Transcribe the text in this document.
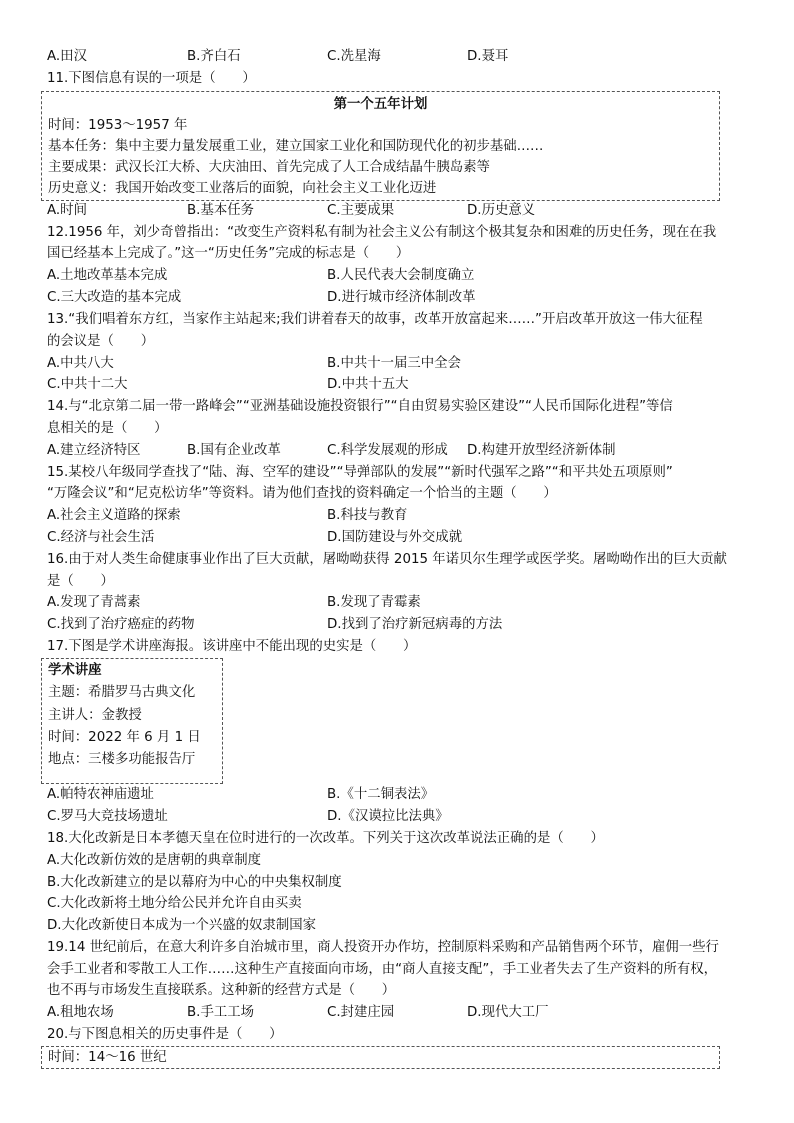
A.田汉	B.齐白石	C.冼星海	D.聂耳
11.下图信息有误的一项是（　　）
第一个五年计划
时间：1953～1957 年
基本任务：集中主要力量发展重工业，建立国家工业化和国防现代化的初步基础……
主要成果：武汉长江大桥、大庆油田、首先完成了人工合成结晶牛胰岛素等
历史意义：我国开始改变工业落后的面貌，向社会主义工业化迈进
A.时间	B.基本任务	C.主要成果	D.历史意义
12.1956 年，刘少奇曾指出：“改变生产资料私有制为社会主义公有制这个极其复杂和困难的历史任务，现在在我
国已经基本上完成了。”这一“历史任务”完成的标志是（　　）
A.土地改革基本完成	B.人民代表大会制度确立
C.三大改造的基本完成	D.进行城市经济体制改革
13.“我们唱着东方红，当家作主站起来;我们讲着春天的故事，改革开放富起来……”开启改革开放这一伟大征程
的会议是（　　）
A.中共八大	B.中共十一届三中全会
C.中共十二大	D.中共十五大
14.与“北京第二届一带一路峰会”“亚洲基础设施投资银行”“自由贸易实验区建设”“人民币国际化进程”等信
息相关的是（　　）
A.建立经济特区	B.国有企业改革	C.科学发展观的形成 D.构建开放型经济新体制
15.某校八年级同学查找了“陆、海、空军的建设”“导弹部队的发展”“新时代强军之路”“和平共处五项原则”
“万隆会议”和“尼克松访华”等资料。请为他们查找的资料确定一个恰当的主题（　　）
A.社会主义道路的探索	B.科技与教育
C.经济与社会生活	D.国防建设与外交成就
16.由于对人类生命健康事业作出了巨大贡献，屠呦呦获得 2015 年诺贝尔生理学或医学奖。屠呦呦作出的巨大贡献
是（　　）
A.发现了青蒿素	B.发现了青霉素
C.找到了治疗癌症的药物	D.找到了治疗新冠病毒的方法
17.下图是学术讲座海报。该讲座中不能出现的史实是（　　）
学术讲座
主题：希腊罗马古典文化
主讲人：金教授
时间：2022 年 6 月 1 日
地点：三楼多功能报告厅
A.帕特农神庙遗址	B.《十二铜表法》
C.罗马大竞技场遗址	D.《汉谟拉比法典》
18.大化改新是日本孝德天皇在位时进行的一次改革。下列关于这次改革说法正确的是（　　）
A.大化改新仿效的是唐朝的典章制度
B.大化改新建立的是以幕府为中心的中央集权制度
C.大化改新将土地分给公民并允许自由买卖
D.大化改新使日本成为一个兴盛的奴隶制国家
19.14 世纪前后，在意大利许多自治城市里，商人投资开办作坊，控制原料采购和产品销售两个环节，雇佣一些行
会手工业者和零散工人工作……这种生产直接面向市场，由“商人直接支配”，手工业者失去了生产资料的所有权，
也不再与市场发生直接联系。这种新的经营方式是（　　）
A.租地农场	B.手工工场	C.封建庄园	D.现代大工厂
20.与下图息相关的历史事件是（　　）
时间：14～16 世纪
